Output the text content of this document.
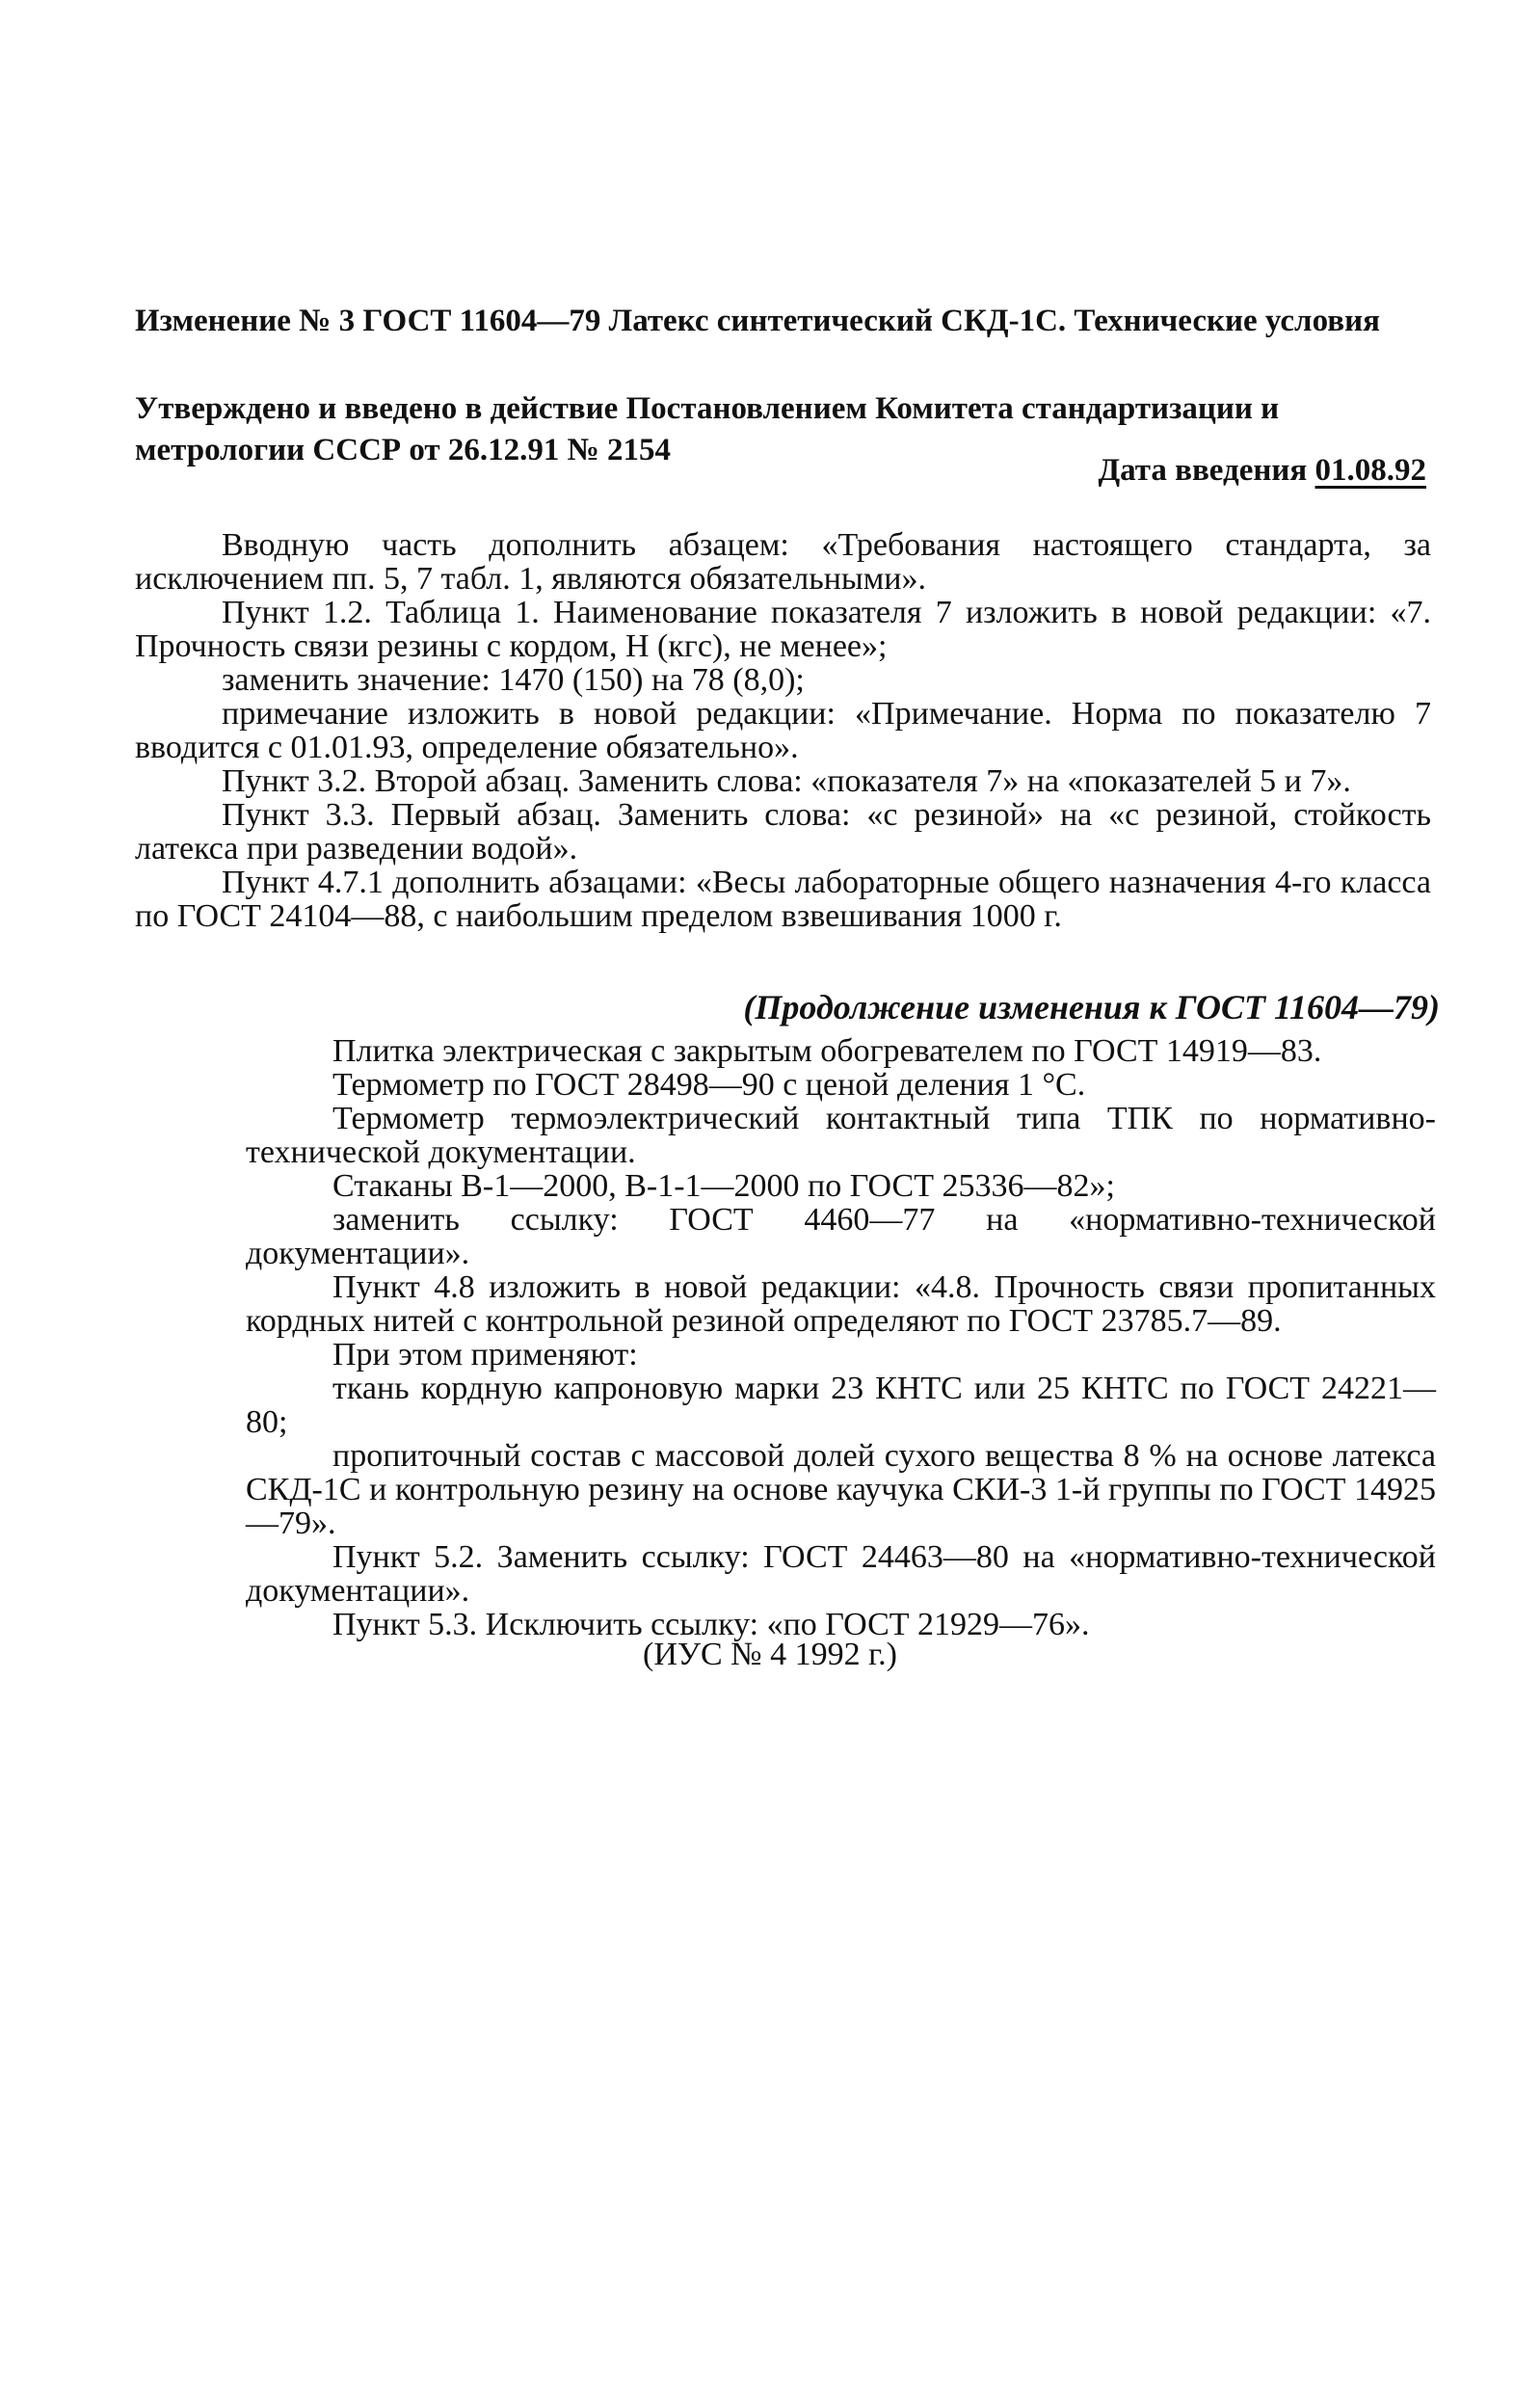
Изменение № 3 ГОСТ 11604—79 Латекс синтетический СКД-1С. Технические условия
Утверждено и введено в действие Постановлением Комитета стандартизации и метрологии СССР от 26.12.91 № 2154
Дата введения 01.08.92

Вводную часть дополнить абзацем: «Требования настоящего стандарта, за исключением пп. 5, 7 табл. 1, являются обязательными».

Пункт 1.2. Таблица 1. Наименование показателя 7 изложить в новой редакции: «7. Прочность связи резины с кордом, Н (кгс), не менее»;

заменить значение: 1470 (150) на 78 (8,0);

примечание изложить в новой редакции: «Примечание. Норма по показателю 7 вводится с 01.01.93, определение обязательно».

Пункт 3.2. Второй абзац. Заменить слова: «показателя 7» на «показателей 5 и 7».

Пункт 3.3. Первый абзац. Заменить слова: «с резиной» на «с резиной, стойкость латекса при разведении водой».

Пункт 4.7.1 дополнить абзацами: «Весы лабораторные общего назначения 4-го класса по ГОСТ 24104—88, с наибольшим пределом взвешивания 1000 г.

(Продолжение изменения к ГОСТ 11604—79)

Плитка электрическая с закрытым обогревателем по ГОСТ 14919—83.

Термометр по ГОСТ 28498—90 с ценой деления 1 °С.

Термометр термоэлектрический контактный типа ТПК по нормативно-технической документации.

Стаканы В-1—2000, В-1-1—2000 по ГОСТ 25336—82»;

заменить ссылку: ГОСТ 4460—77 на «нормативно-технической документации».

Пункт 4.8 изложить в новой редакции: «4.8. Прочность связи пропитанных кордных нитей с контрольной резиной определяют по ГОСТ 23785.7—89.

При этом применяют:

ткань кордную капроновую марки 23 КНТС или 25 КНТС по ГОСТ 24221—80;

пропиточный состав с массовой долей сухого вещества 8 % на основе латекса СКД-1С и контрольную резину на основе каучука СКИ-3 1-й группы по ГОСТ 14925—79».

Пункт 5.2. Заменить ссылку: ГОСТ 24463—80 на «нормативно-технической документации».

Пункт 5.3. Исключить ссылку: «по ГОСТ 21929—76».

(ИУС № 4 1992 г.)
